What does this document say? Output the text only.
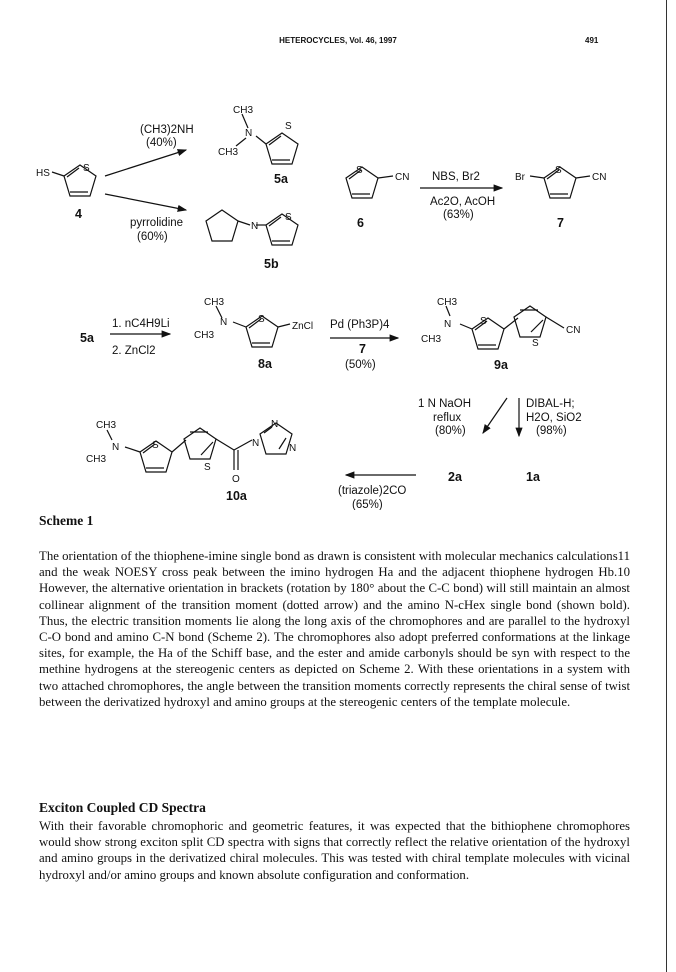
HETEROCYCLES, Vol. 46, 1997	491
HS	S
CH3
N
CH3
S
N
S
S
CN	Br
S
CN
CH3
N
CH3
S
ZnCl
CH3
N
CH3
S
S
CN
CH3
N
CH3
S
S
O
N
N
N
4
5a
5b
6	7
5a
8a
7
9a
2a	1a
10a
(CH3)2NH
(40%)
pyrrolidine
(60%)
NBS, Br2
Ac2O, AcOH
(63%)
1. nC4H9Li
2. ZnCl2
Pd (Ph3P)4
(50%)
1 N NaOH
reflux
(80%)
DIBAL-H;
H2O, SiO2
(98%)
(triazole)2CO
(65%)
Scheme 1

The orientation of the thiophene-imine single bond as drawn is consistent with molecular mechanics calculations11 and the weak NOESY cross peak between the imino hydrogen Ha and the adjacent thiophene hydrogen Hb.10 However, the alternative orientation in brackets (rotation by 180° about the C-C bond) will still maintain an almost collinear alignment of the transition moment (dotted arrow) and the amino N-cHex single bond (shown bold). Thus, the electric transition moments lie along the long axis of the chromophores and are parallel to the hydroxyl C-O bond and amino C-N bond (Scheme 2). The chromophores also adopt preferred conformations at the linkage sites, for example, the Ha of the Schiff base, and the ester and amide carbonyls should be syn with respect to the methine hydrogens at the stereogenic centers as depicted on Scheme 2. With these orientations in a system with two attached chromophores, the angle between the transition moments correctly represents the chiral sense of twist between the derivatized hydroxyl and amino groups at the stereogenic centers of the template molecule.

Exciton Coupled CD Spectra

With their favorable chromophoric and geometric features, it was expected that the bithiophene chromophores would show strong exciton split CD spectra with signs that correctly reflect the relative orientation of the hydroxyl and amino groups in the derivatized chiral molecules. This was tested with chiral template molecules with vicinal hydroxyl and/or amino groups and known absolute configuration and conformation.
